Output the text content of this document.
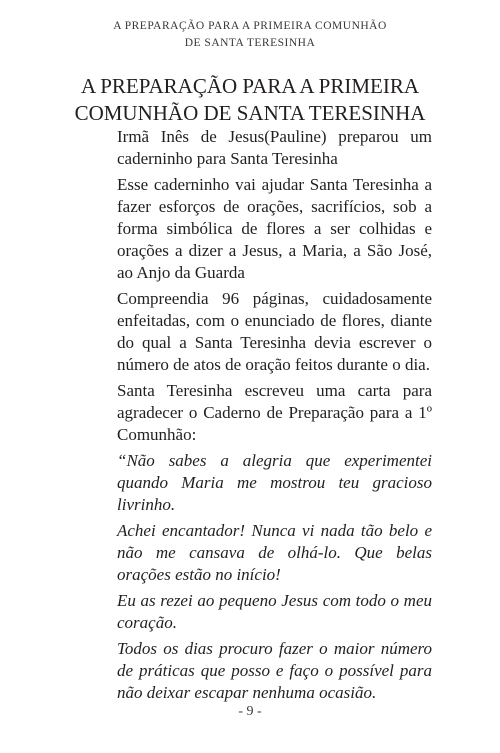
A PREPARAÇÃO PARA A PRIMEIRA COMUNHÃO
DE SANTA TERESINHA
A PREPARAÇÃO PARA A PRIMEIRA
COMUNHÃO DE SANTA TERESINHA

Irmã Inês de Jesus(Pauline) preparou um caderninho para Santa Teresinha

Esse caderninho vai ajudar Santa Teresinha a fazer esforços de orações, sacrifícios, sob a forma simbólica de flores a ser colhidas e orações a dizer a Jesus, a Maria, a São José, ao Anjo da Guarda

Compreendia 96 páginas, cuidadosamente enfeitadas, com o enunciado de flores, diante do qual a Santa Teresinha devia escrever o número de atos de oração feitos durante o dia.

Santa Teresinha escreveu uma carta para agradecer o Caderno de Preparação para a 1º Comunhão:

“Não sabes a alegria que experimentei quando Maria me mostrou teu gracioso livrinho.

Achei encantador! Nunca vi nada tão belo e não me cansava de olhá-lo. Que belas orações estão no início!

Eu as rezei ao pequeno Jesus com todo o meu coração.

Todos os dias procuro fazer o maior número de práticas que posso e faço o possível para não deixar escapar nenhuma ocasião.

- 9 -
